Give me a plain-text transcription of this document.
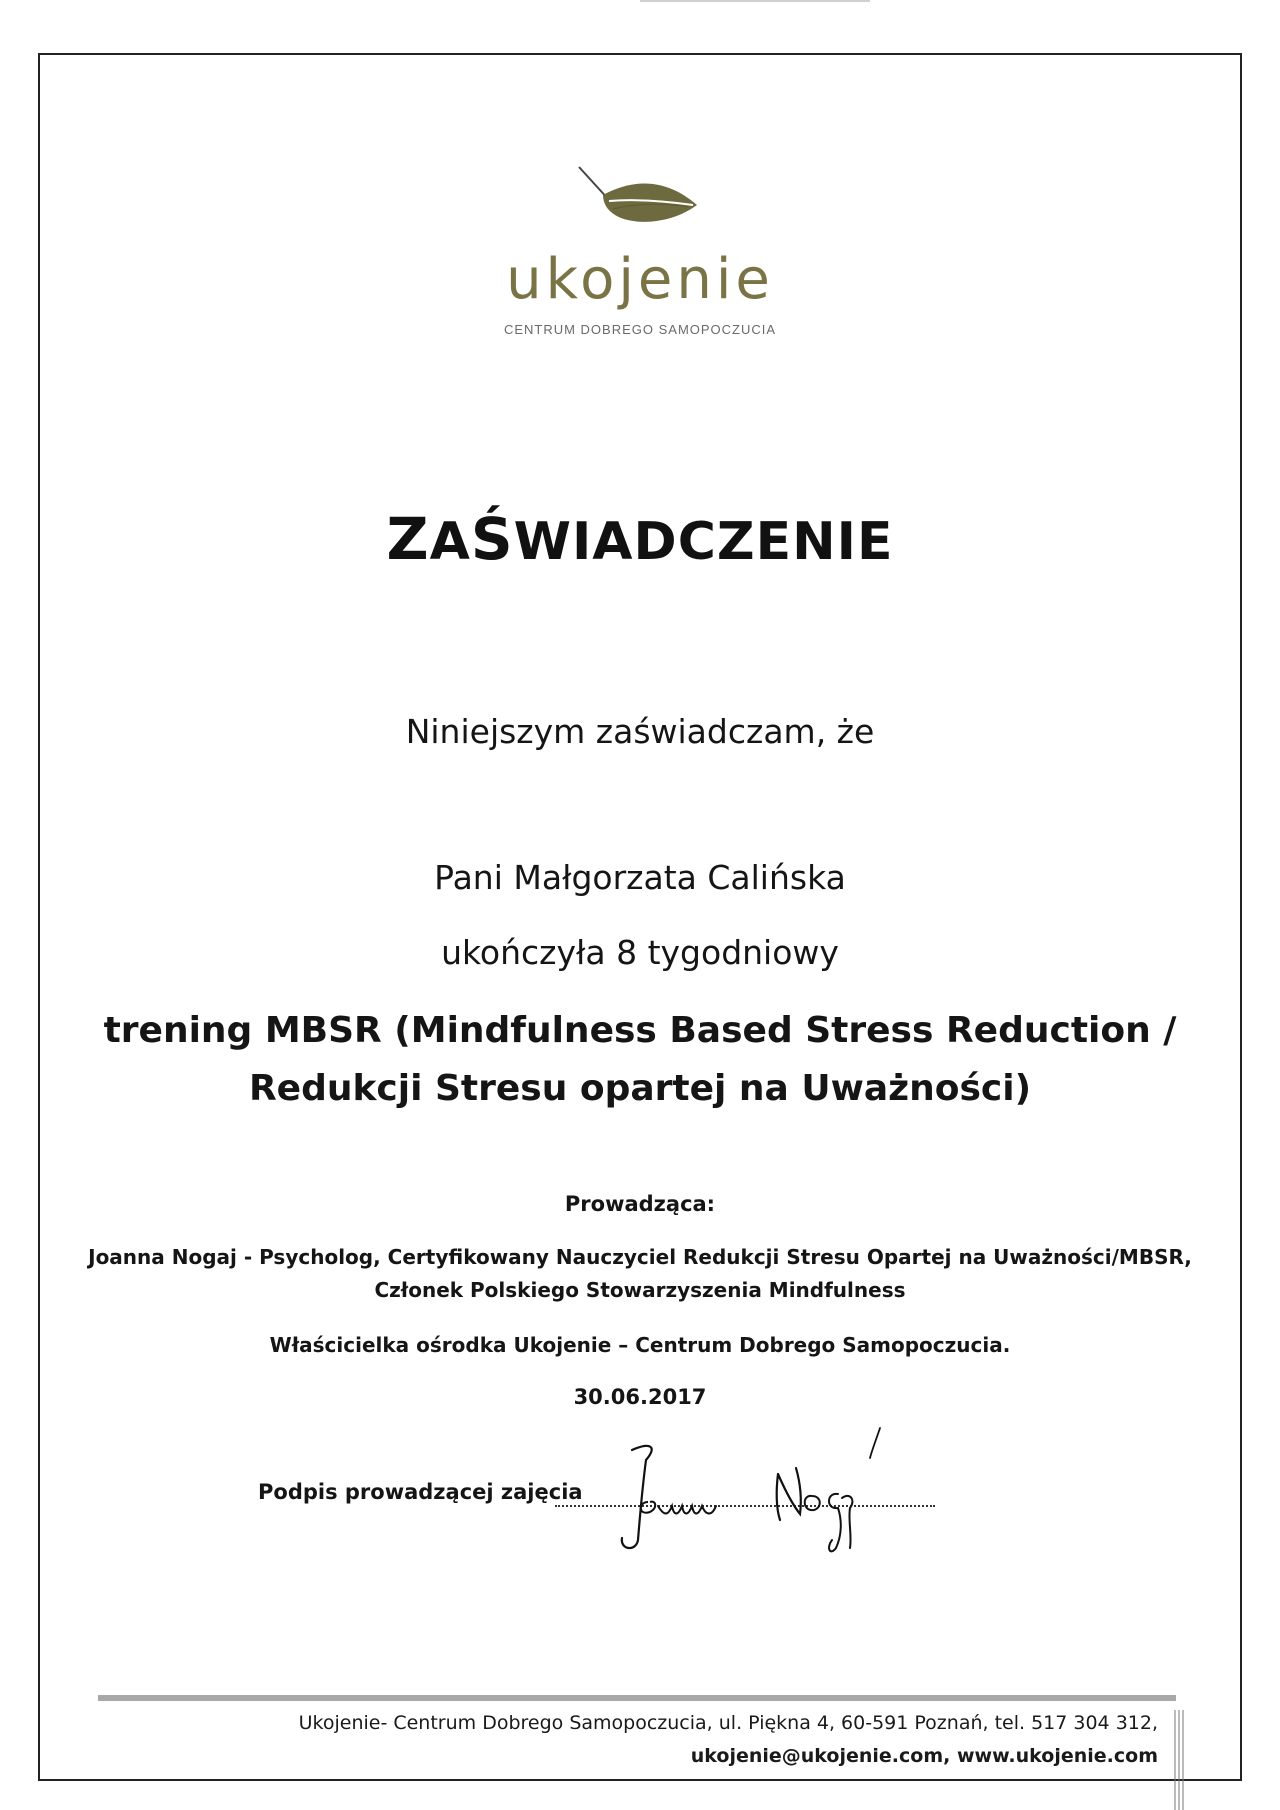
ukojenie
CENTRUM DOBREGO SAMOPOCZUCIA
ZAŚWIADCZENIE
Niniejszym zaświadczam, że
Pani Małgorzata Calińska
ukończyła 8 tygodniowy
trening MBSR (Mindfulness Based Stress Reduction /
Redukcji Stresu opartej na Uważności)
Prowadząca:
Joanna Nogaj - Psycholog, Certyfikowany Nauczyciel Redukcji Stresu Opartej na Uważności/MBSR,
Członek Polskiego Stowarzyszenia Mindfulness
Właścicielka ośrodka Ukojenie – Centrum Dobrego Samopoczucia.
30.06.2017
Podpis prowadzącej zajęcia
Ukojenie- Centrum Dobrego Samopoczucia, ul. Piękna 4, 60-591 Poznań, tel. 517 304 312,
ukojenie@ukojenie.com, www.ukojenie.com
